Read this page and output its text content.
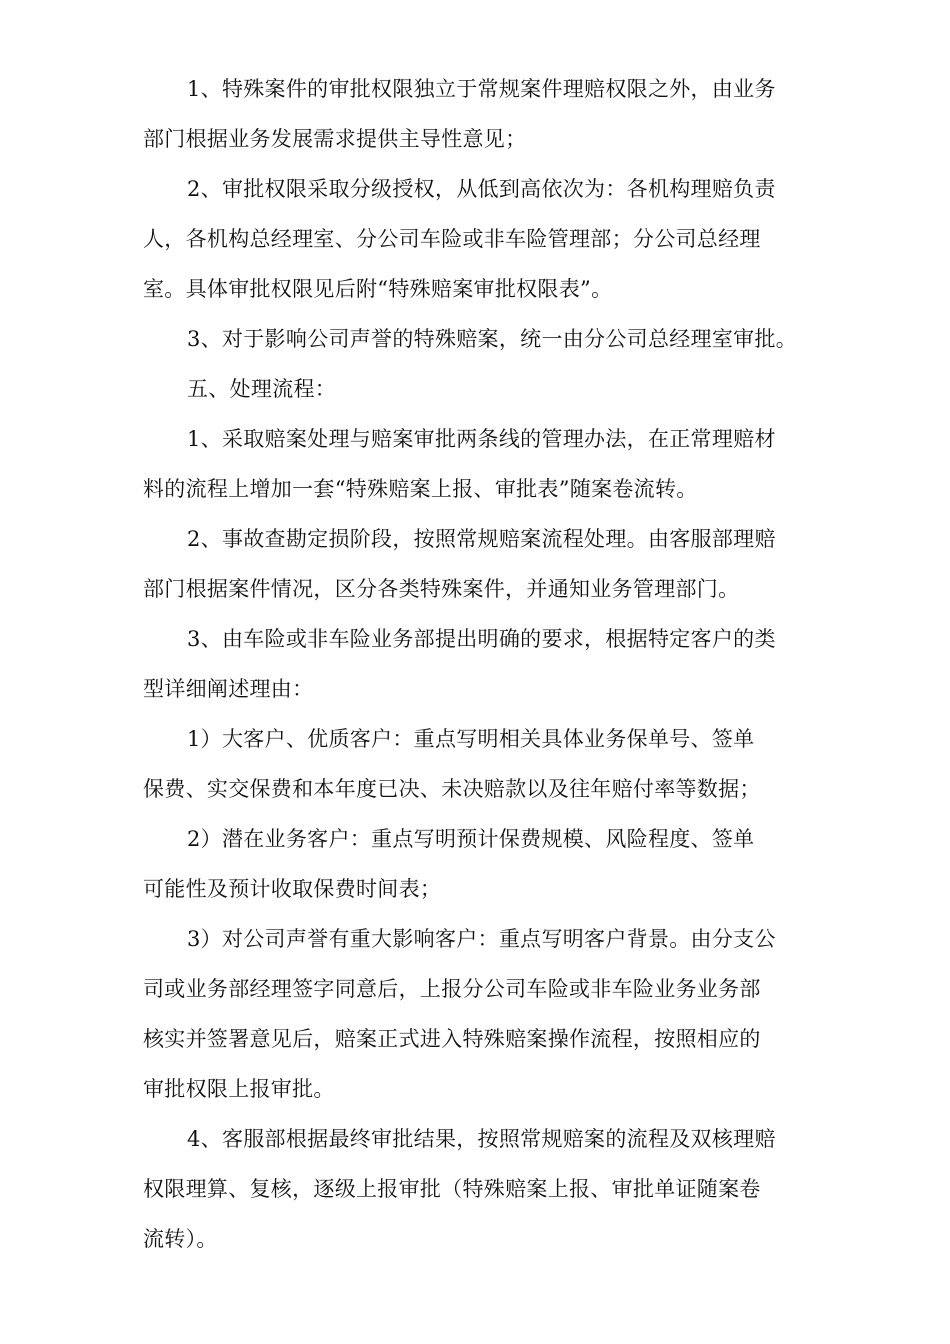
1、特殊案件的审批权限独立于常规案件理赔权限之外，由业务
部门根据业务发展需求提供主导性意见；
2、审批权限采取分级授权，从低到高依次为：各机构理赔负责
人，各机构总经理室、分公司车险或非车险管理部；分公司总经理
室。具体审批权限见后附“特殊赔案审批权限表”。
3、对于影响公司声誉的特殊赔案，统一由分公司总经理室审批。
五、处理流程：
1、采取赔案处理与赔案审批两条线的管理办法，在正常理赔材
料的流程上增加一套“特殊赔案上报、审批表”随案卷流转。
2、事故查勘定损阶段，按照常规赔案流程处理。由客服部理赔
部门根据案件情况，区分各类特殊案件，并通知业务管理部门。
3、由车险或非车险业务部提出明确的要求，根据特定客户的类
型详细阐述理由：
1）大客户、优质客户：重点写明相关具体业务保单号、签单
保费、实交保费和本年度已决、未决赔款以及往年赔付率等数据；
2）潜在业务客户：重点写明预计保费规模、风险程度、签单
可能性及预计收取保费时间表；
3）对公司声誉有重大影响客户：重点写明客户背景。由分支公
司或业务部经理签字同意后，上报分公司车险或非车险业务业务部
核实并签署意见后，赔案正式进入特殊赔案操作流程，按照相应的
审批权限上报审批。
4、客服部根据最终审批结果，按照常规赔案的流程及双核理赔
权限理算、复核，逐级上报审批（特殊赔案上报、审批单证随案卷
流转）。
